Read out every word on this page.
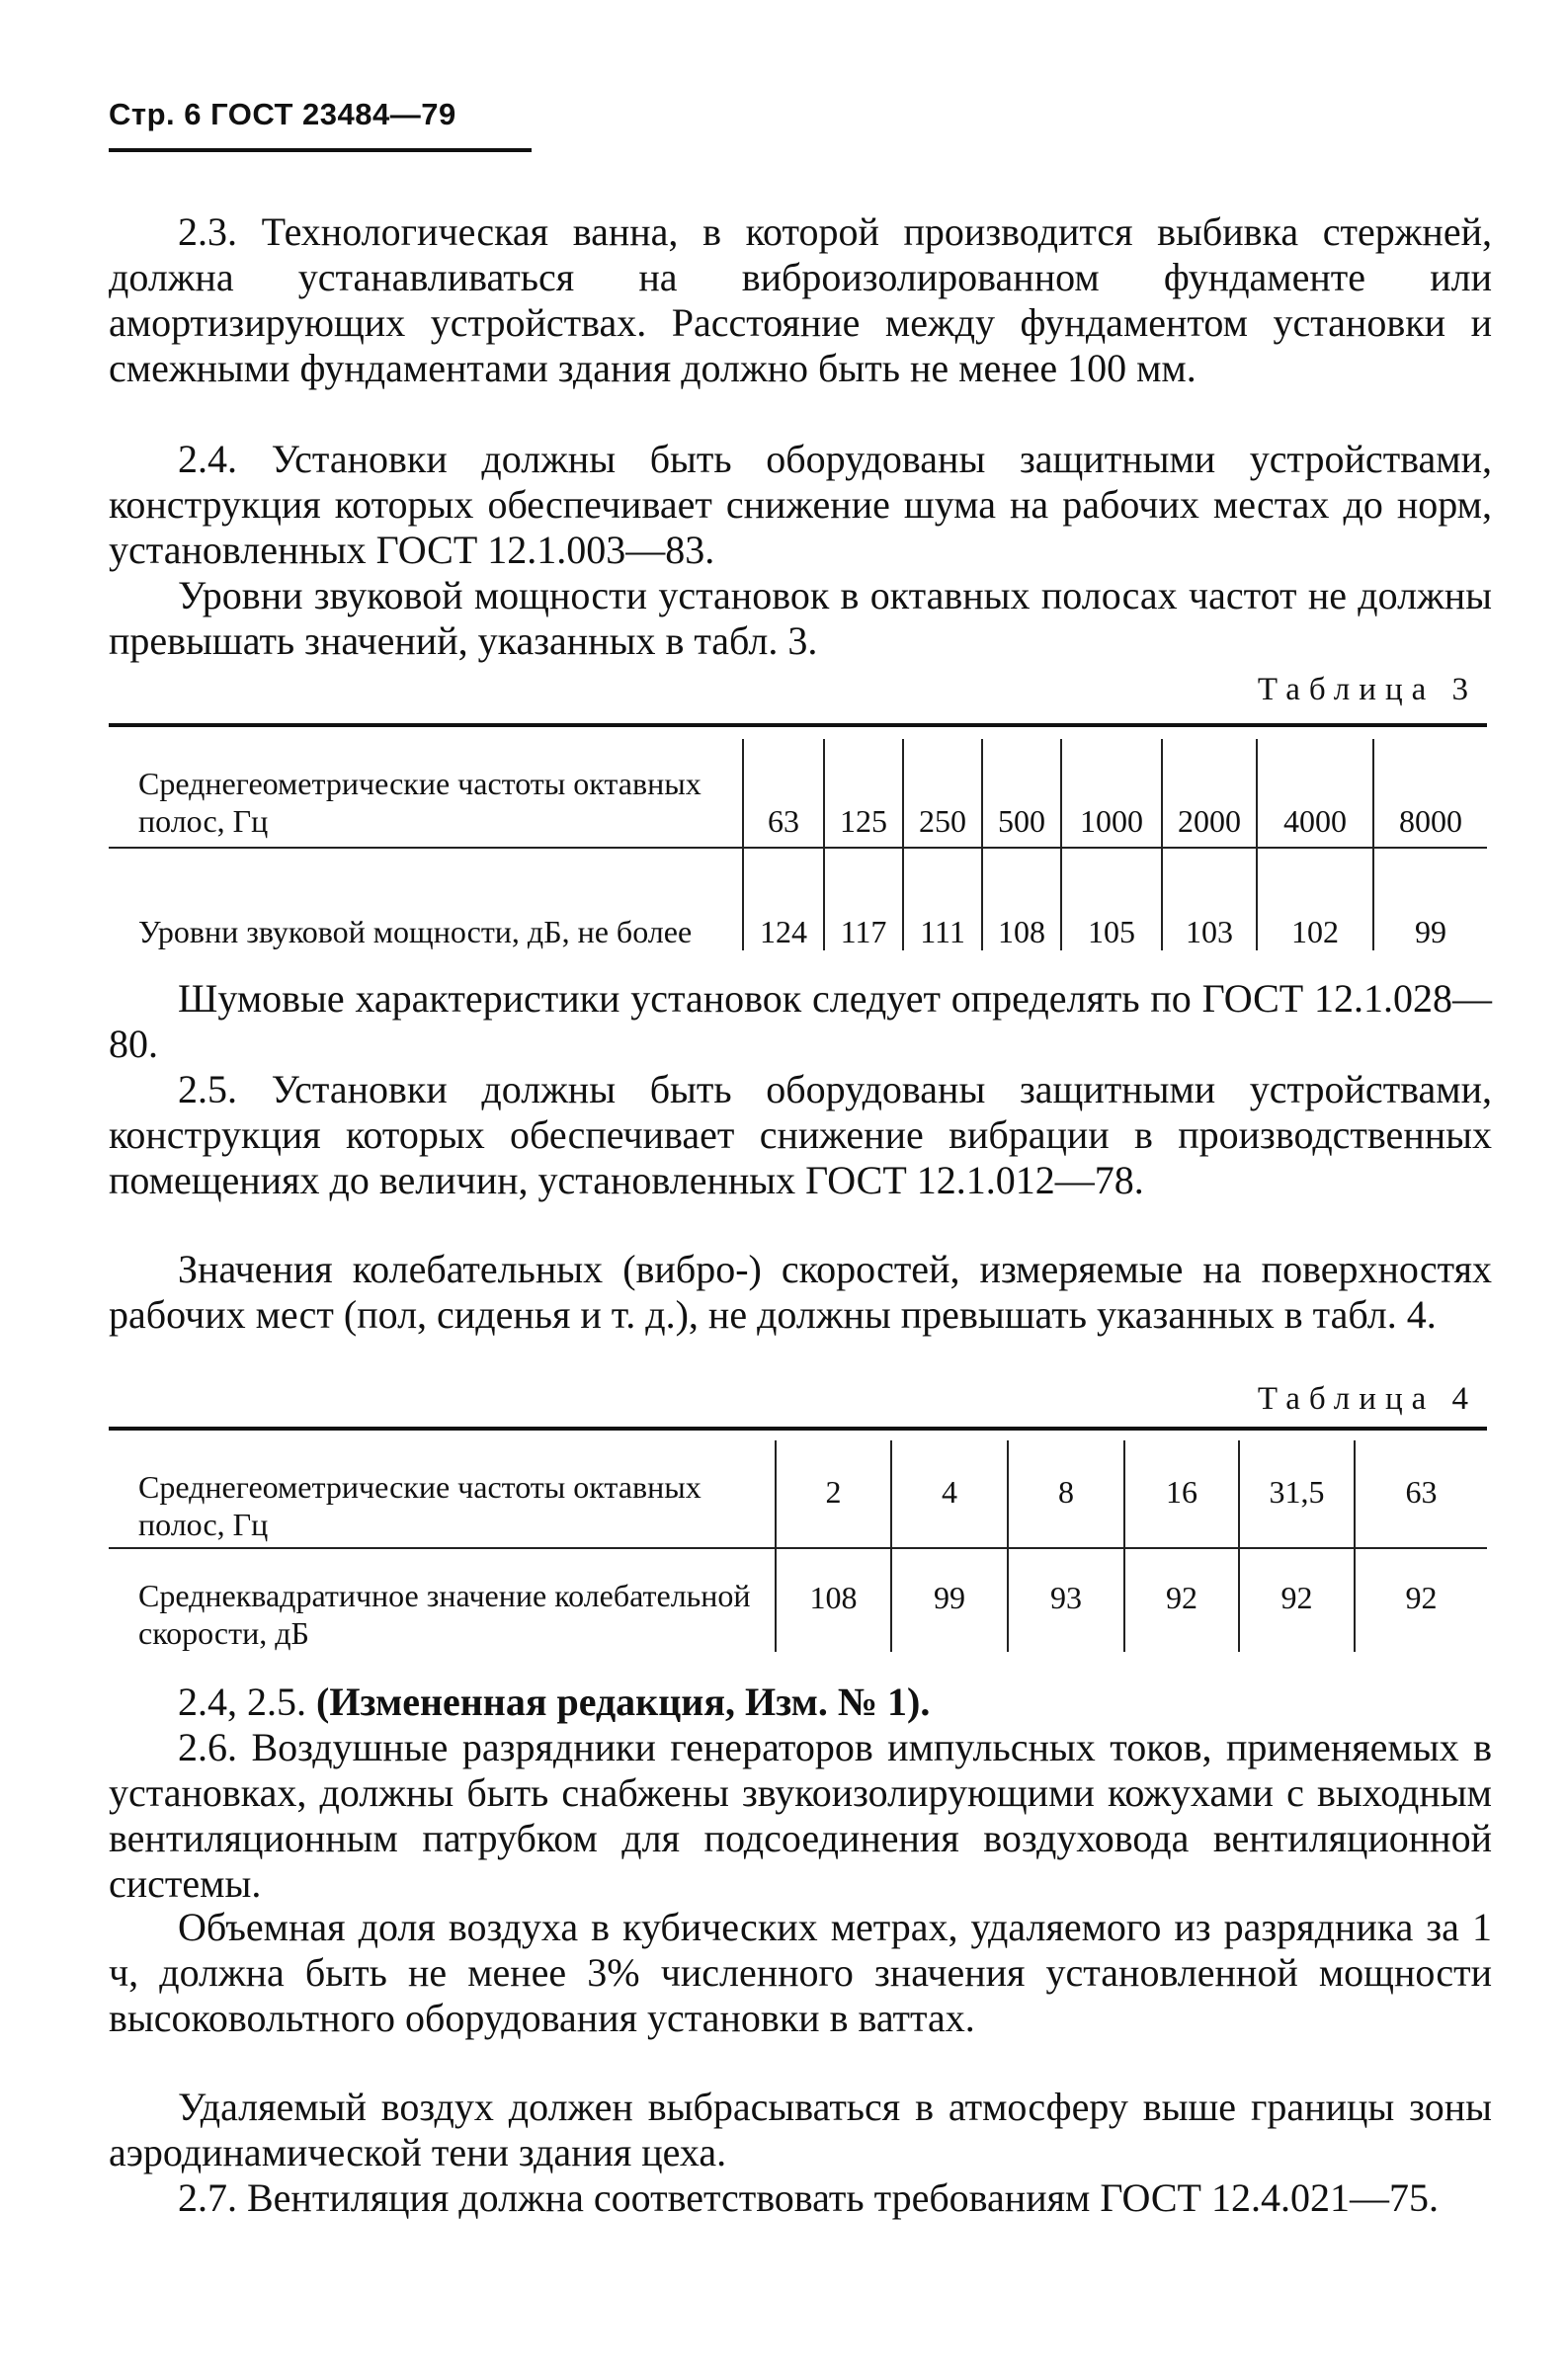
Стр. 6 ГОСТ 23484—79

2.3. Технологическая ванна, в которой производится выбивка стержней, должна устанавливаться на виброизолированном фундаменте или амортизирующих устройствах. Расстояние между фундаментом установки и смежными фундаментами здания должно быть не менее 100 мм.

2.4. Установки должны быть оборудованы защитными устройствами, конструкция которых обеспечивает снижение шума на рабочих местах до норм, установленных ГОСТ 12.1.003—83.

Уровни звуковой мощности установок в октавных полосах частот не должны превышать значений, указанных в табл. 3.

Таблица 3
Среднегеометрические частоты октавных полос, Гц	63	125	250	500	1000	2000	4000	8000
Уровни звуковой мощности, дБ, не более	124	117	111	108	105	103	102	99

Шумовые характеристики установок следует определять по ГОСТ 12.1.028—80.

2.5. Установки должны быть оборудованы защитными устройствами, конструкция которых обеспечивает снижение вибрации в производственных помещениях до величин, установленных ГОСТ 12.1.012—78.

Значения колебательных (вибро-) скоростей, измеряемые на поверхностях рабочих мест (пол, сиденья и т. д.), не должны превышать указанных в табл. 4.

Таблица 4
Среднегеометрические частоты октавных полос, Гц	2	4	8	16	31,5	63
Среднеквадратичное значение колебательной скорости, дБ	108	99	93	92	92	92

2.4, 2.5. (Измененная редакция, Изм. № 1).

2.6. Воздушные разрядники генераторов импульсных токов, применяемых в установках, должны быть снабжены звукоизолирующими кожухами с выходным вентиляционным патрубком для подсоединения воздуховода вентиляционной системы.

Объемная доля воздуха в кубических метрах, удаляемого из разрядника за 1 ч, должна быть не менее 3% численного значения установленной мощности высоковольтного оборудования установки в ваттах.

Удаляемый воздух должен выбрасываться в атмосферу выше границы зоны аэродинамической тени здания цеха.

2.7. Вентиляция должна соответствовать требованиям ГОСТ 12.4.021—75.
